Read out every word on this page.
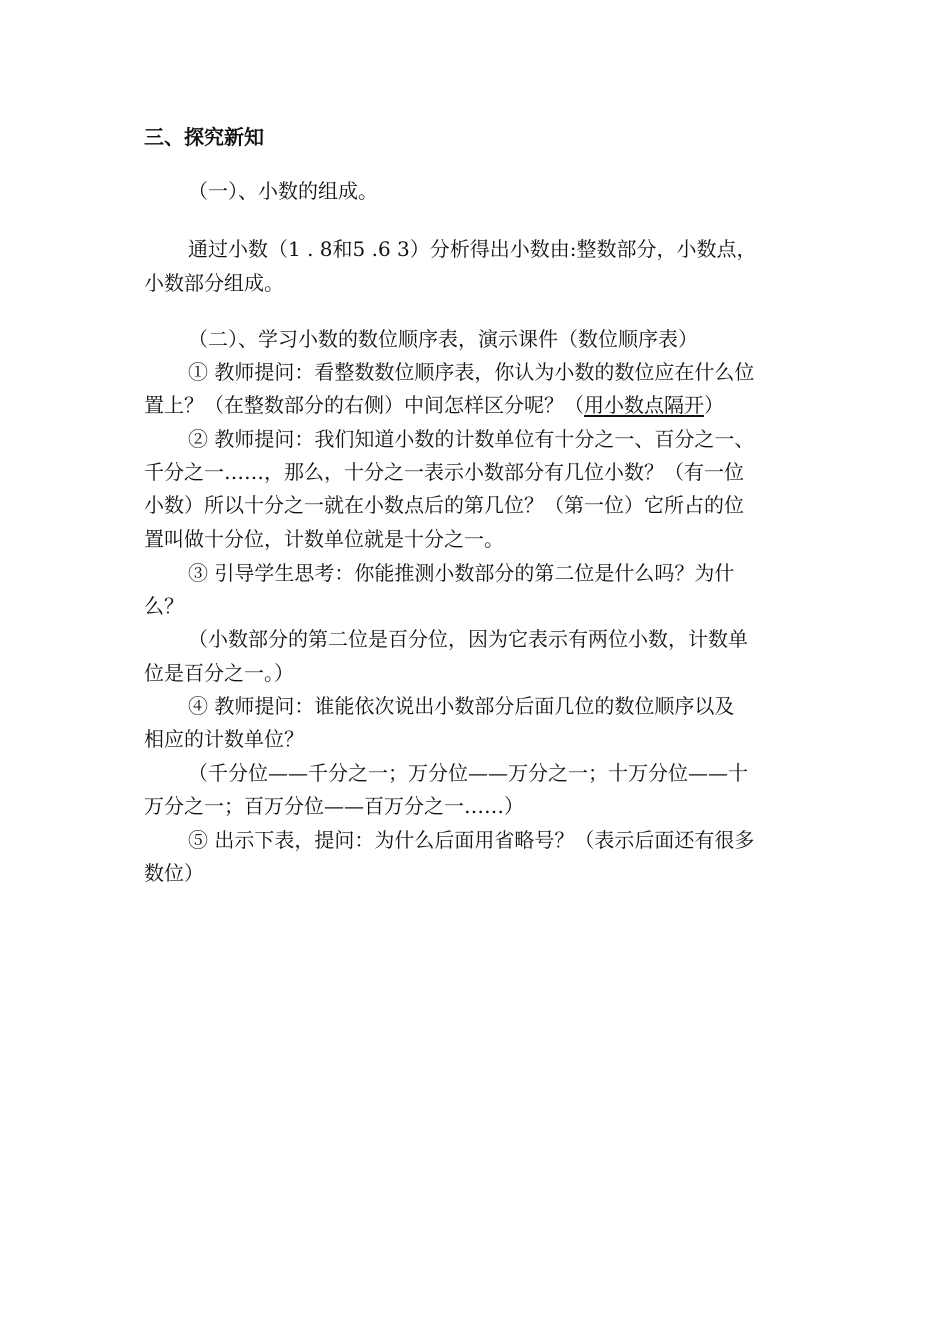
三、探究新知
（一）、小数的组成。
通过小数（1 . 8和5 .6 3）分析得出小数由:整数部分，小数点，
小数部分组成。
（二）、学习小数的数位顺序表，演示课件（数位顺序表）
① 教师提问：看整数数位顺序表，你认为小数的数位应在什么位
置上？（在整数部分的右侧）中间怎样区分呢？（用小数点隔开）
② 教师提问：我们知道小数的计数单位有十分之一、百分之一、
千分之一……，那么，十分之一表示小数部分有几位小数？（有一位
小数）所以十分之一就在小数点后的第几位？（第一位）它所占的位
置叫做十分位，计数单位就是十分之一。
③ 引导学生思考：你能推测小数部分的第二位是什么吗？为什
么？
（小数部分的第二位是百分位，因为它表示有两位小数，计数单
位是百分之一。）
④ 教师提问：谁能依次说出小数部分后面几位的数位顺序以及
相应的计数单位？
（千分位——千分之一；万分位——万分之一；十万分位——十
万分之一；百万分位——百万分之一……）
⑤ 出示下表，提问：为什么后面用省略号？（表示后面还有很多
数位）
